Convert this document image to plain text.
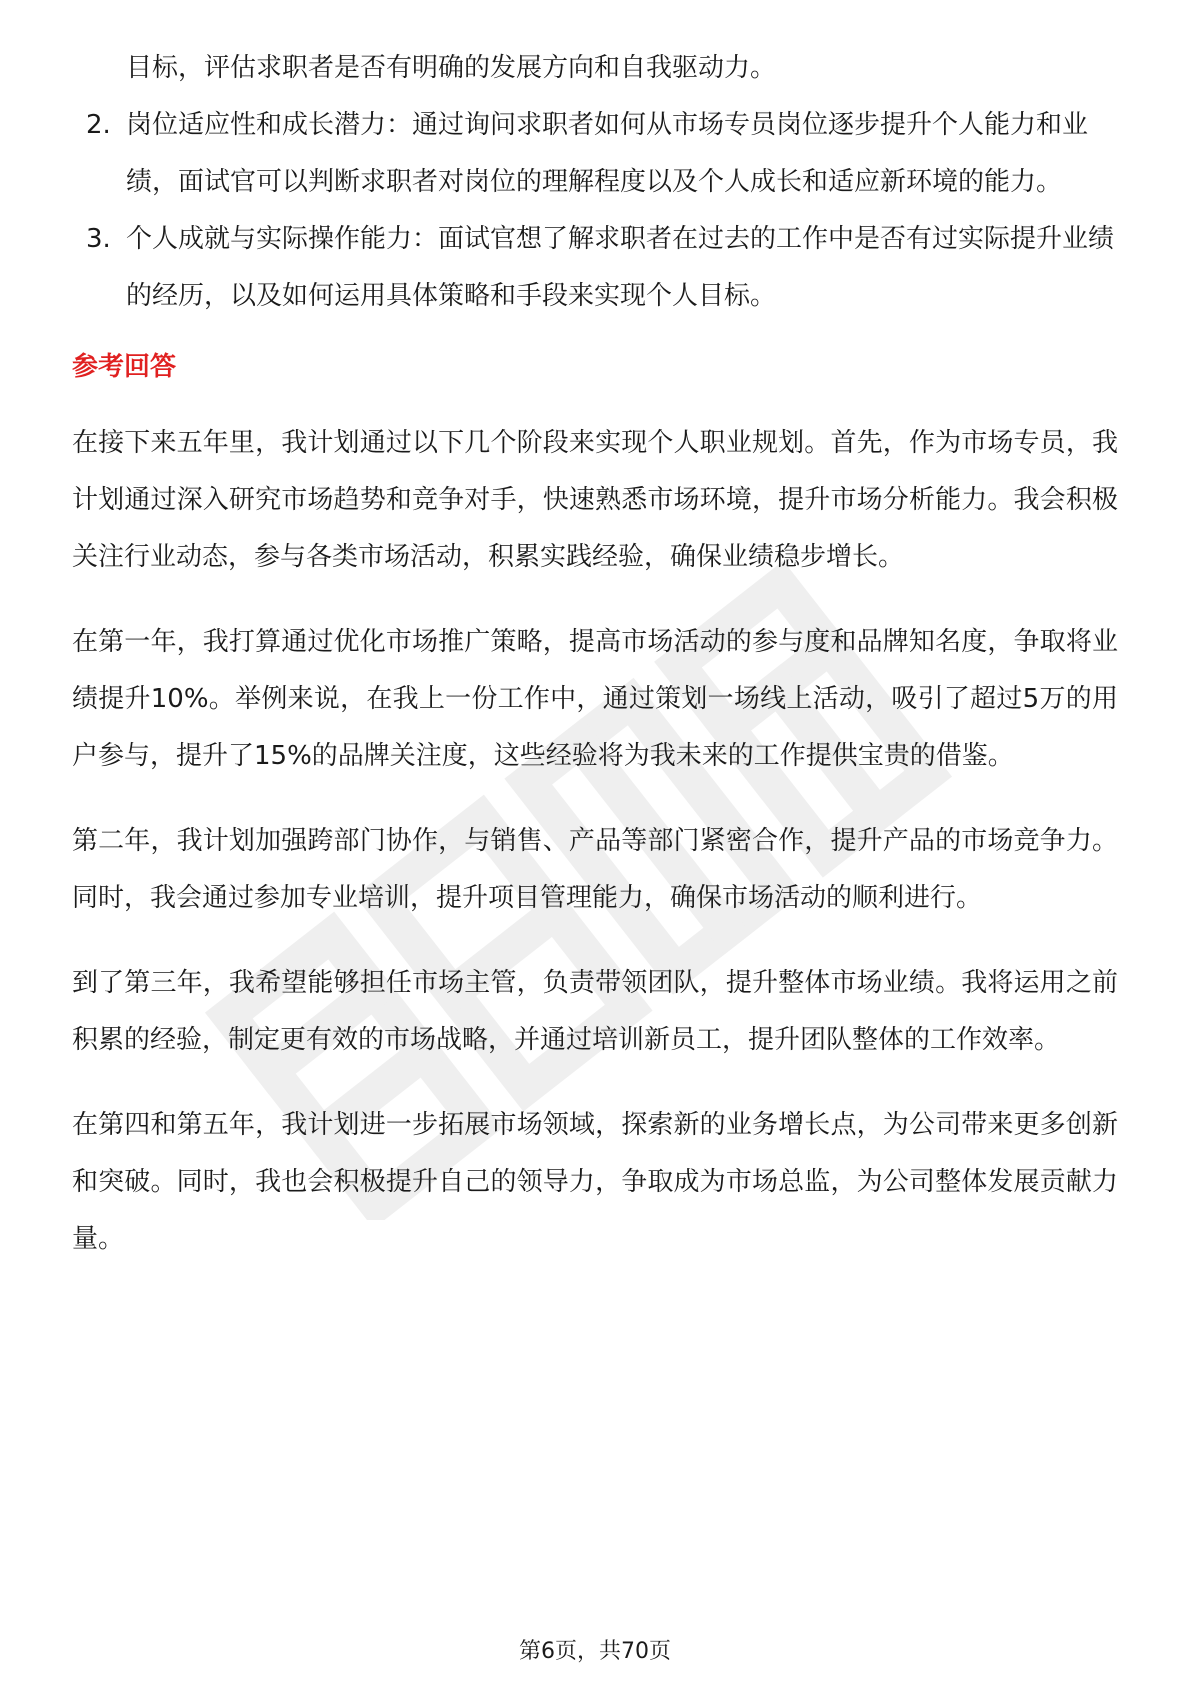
目标，评估求职者是否有明确的发展方向和自我驱动力。
2. 岗位适应性和成长潜力：通过询问求职者如何从市场专员岗位逐步提升个人能力和业绩，面试官可以判断求职者对岗位的理解程度以及个人成长和适应新环境的能力。
3. 个人成就与实际操作能力：面试官想了解求职者在过去的工作中是否有过实际提升业绩的经历，以及如何运用具体策略和手段来实现个人目标。
参考回答

在接下来五年里，我计划通过以下几个阶段来实现个人职业规划。首先，作为市场专员，我计划通过深入研究市场趋势和竞争对手，快速熟悉市场环境，提升市场分析能力。我会积极关注行业动态，参与各类市场活动，积累实践经验，确保业绩稳步增长。

在第一年，我打算通过优化市场推广策略，提高市场活动的参与度和品牌知名度，争取将业绩提升10%。举例来说，在我上一份工作中，通过策划一场线上活动，吸引了超过5万的用户参与，提升了15%的品牌关注度，这些经验将为我未来的工作提供宝贵的借鉴。

第二年，我计划加强跨部门协作，与销售、产品等部门紧密合作，提升产品的市场竞争力。同时，我会通过参加专业培训，提升项目管理能力，确保市场活动的顺利进行。

到了第三年，我希望能够担任市场主管，负责带领团队，提升整体市场业绩。我将运用之前积累的经验，制定更有效的市场战略，并通过培训新员工，提升团队整体的工作效率。

在第四和第五年，我计划进一步拓展市场领域，探索新的业务增长点，为公司带来更多创新和突破。同时，我也会积极提升自己的领导力，争取成为市场总监，为公司整体发展贡献力量。

第6页，共70页
